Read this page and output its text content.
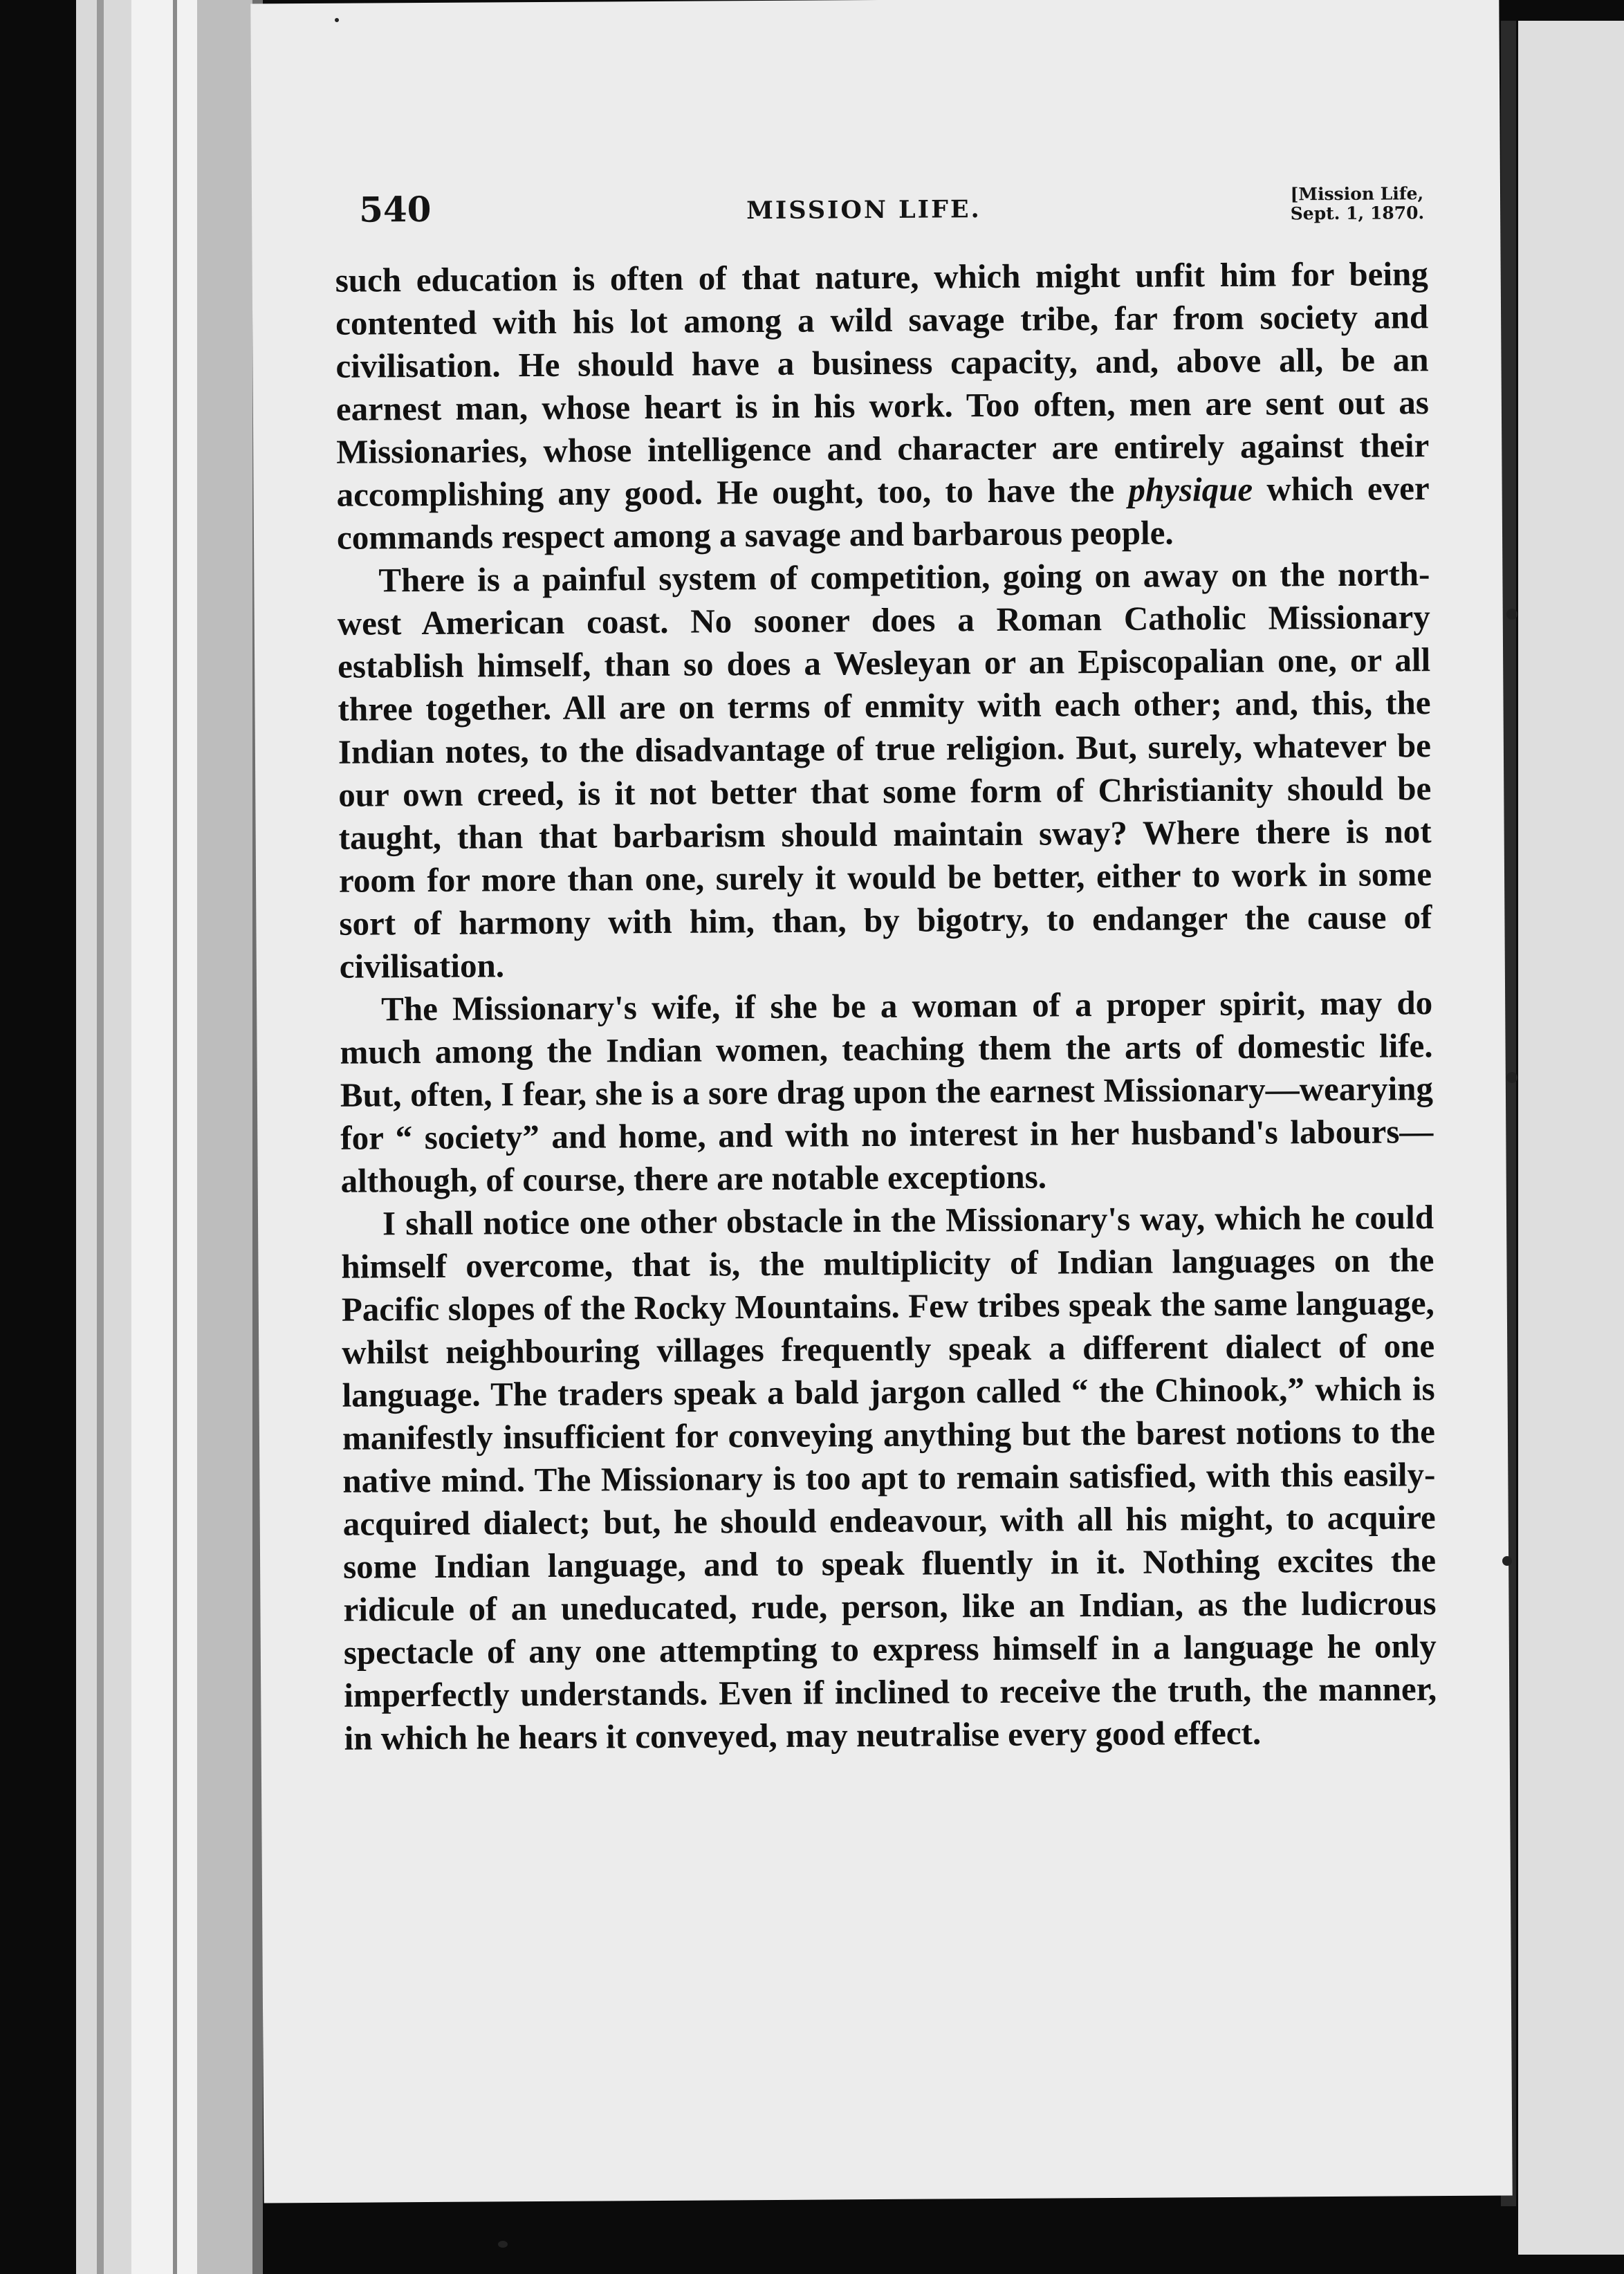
540	MISSION LIFE.
[Mission Life,
Sept. 1, 1870.

such education is often of that nature, which might unfit him for being contented with his lot among a wild savage tribe, far from society and civilisation. He should have a business capacity, and, above all, be an earnest man, whose heart is in his work. Too often, men are sent out as Missionaries, whose intelligence and character are entirely against their accomplishing any good. He ought, too, to have the physique which ever commands respect among a savage and barbarous people.

There is a painful system of competition, going on away on the north-west American coast. No sooner does a Roman Catholic Missionary establish himself, than so does a Wesleyan or an Episcopalian one, or all three together. All are on terms of enmity with each other; and, this, the Indian notes, to the disadvantage of true religion. But, surely, whatever be our own creed, is it not better that some form of Christianity should be taught, than that barbarism should maintain sway? Where there is not room for more than one, surely it would be better, either to work in some sort of harmony with him, than, by bigotry, to endanger the cause of civilisation.

The Missionary's wife, if she be a woman of a proper spirit, may do much among the Indian women, teaching them the arts of domestic life. But, often, I fear, she is a sore drag upon the earnest Missionary—wearying for “ society” and home, and with no interest in her husband's labours—although, of course, there are notable exceptions.

I shall notice one other obstacle in the Missionary's way, which he could himself overcome, that is, the multiplicity of Indian languages on the Pacific slopes of the Rocky Mountains. Few tribes speak the same language, whilst neighbouring villages frequently speak a different dialect of one language. The traders speak a bald jargon called “ the Chinook,” which is manifestly insufficient for conveying anything but the barest notions to the native mind. The Missionary is too apt to remain satisfied, with this easily-acquired dialect; but, he should endeavour, with all his might, to acquire some Indian language, and to speak fluently in it. Nothing excites the ridicule of an uneducated, rude, person, like an Indian, as the ludicrous spectacle of any one attempting to express himself in a language he only imperfectly understands. Even if inclined to receive the truth, the manner, in which he hears it conveyed, may neutralise every good effect.
